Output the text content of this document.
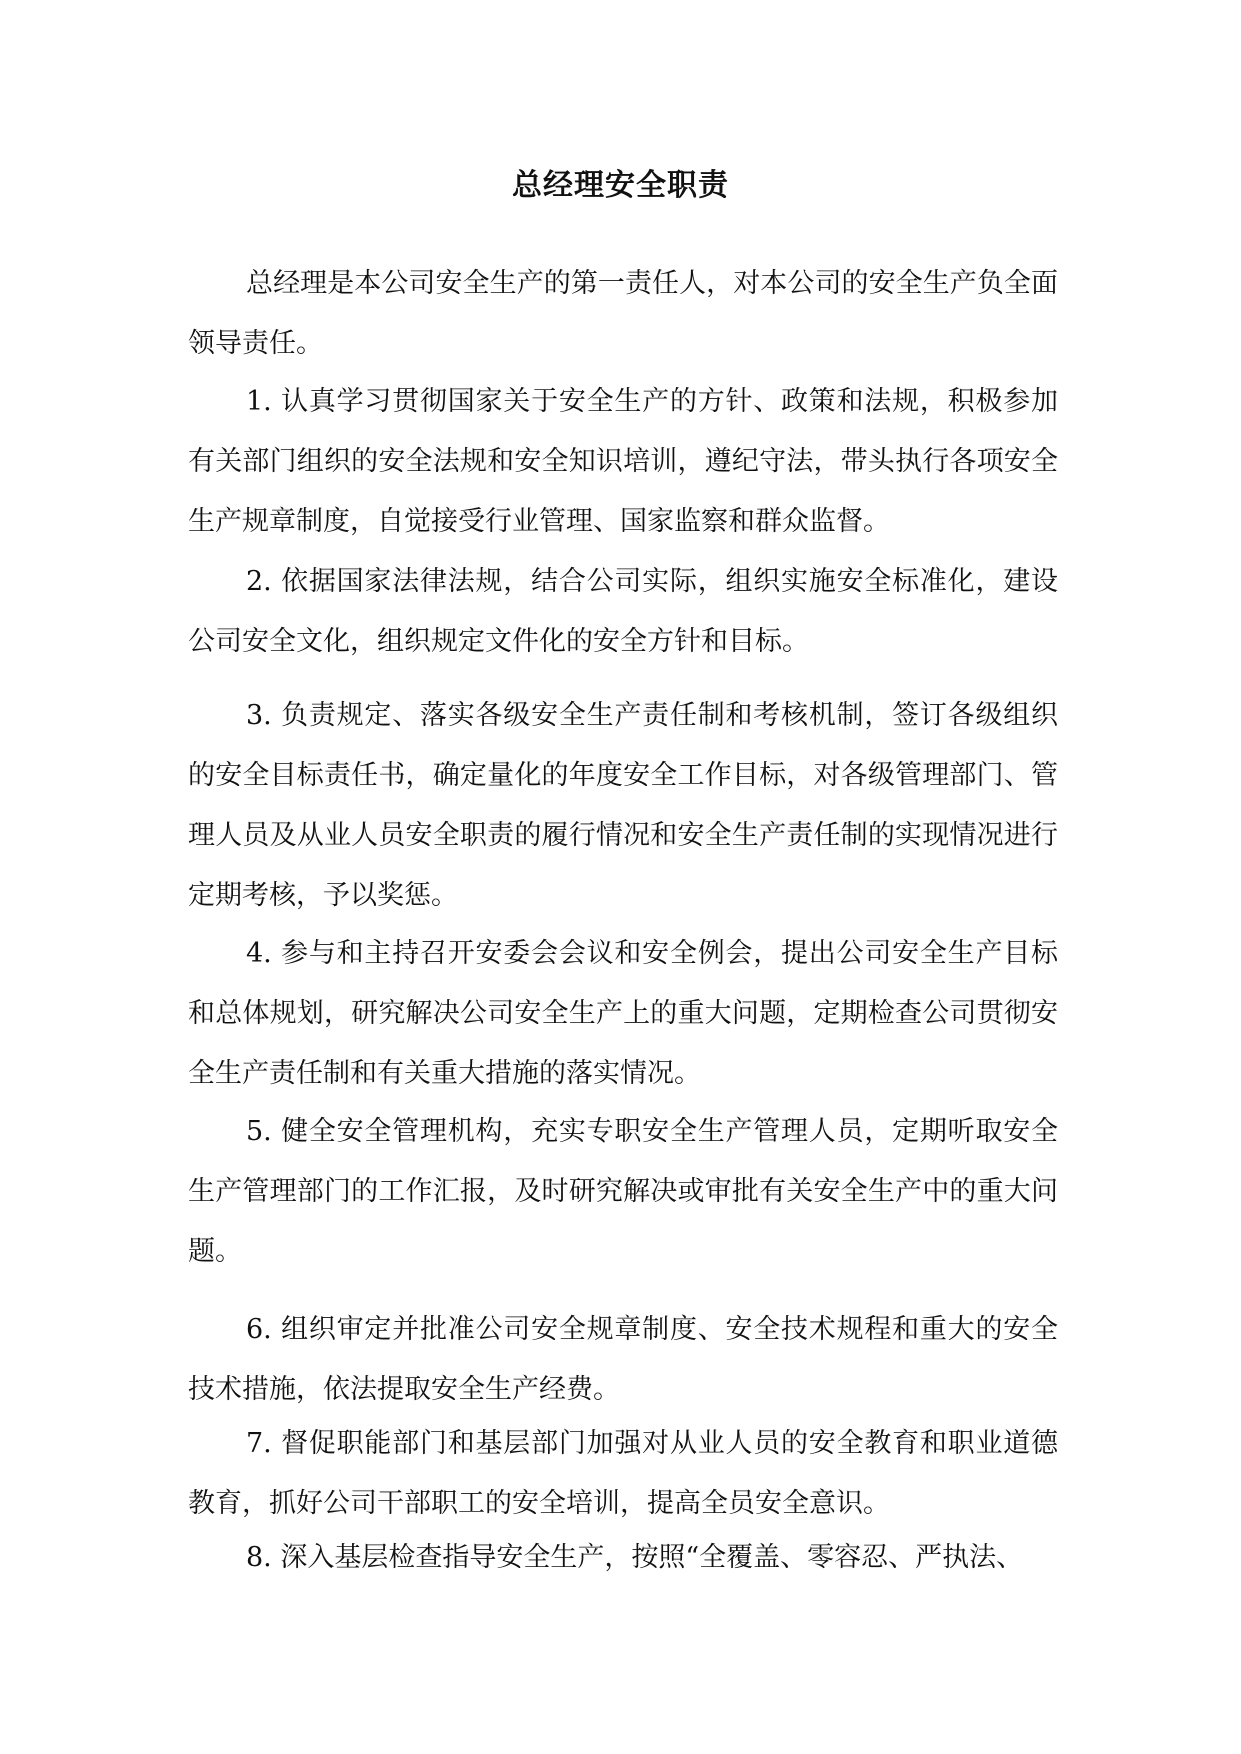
总经理安全职责
总经理是本公司安全生产的第一责任人，对本公司的安全生产负全面领导责任。
1. 认真学习贯彻国家关于安全生产的方针、政策和法规，积极参加有关部门组织的安全法规和安全知识培训，遵纪守法，带头执行各项安全生产规章制度，自觉接受行业管理、国家监察和群众监督。
2. 依据国家法律法规，结合公司实际，组织实施安全标准化，建设公司安全文化，组织规定文件化的安全方针和目标。
3. 负责规定、落实各级安全生产责任制和考核机制，签订各级组织的安全目标责任书，确定量化的年度安全工作目标，对各级管理部门、管理人员及从业人员安全职责的履行情况和安全生产责任制的实现情况进行定期考核，予以奖惩。
4. 参与和主持召开安委会会议和安全例会，提出公司安全生产目标和总体规划，研究解决公司安全生产上的重大问题，定期检查公司贯彻安全生产责任制和有关重大措施的落实情况。
5. 健全安全管理机构，充实专职安全生产管理人员，定期听取安全生产管理部门的工作汇报，及时研究解决或审批有关安全生产中的重大问题。
6. 组织审定并批准公司安全规章制度、安全技术规程和重大的安全技术措施，依法提取安全生产经费。
7. 督促职能部门和基层部门加强对从业人员的安全教育和职业道德教育，抓好公司干部职工的安全培训，提高全员安全意识。
8. 深入基层检查指导安全生产，按照“全覆盖、零容忍、严执法、
